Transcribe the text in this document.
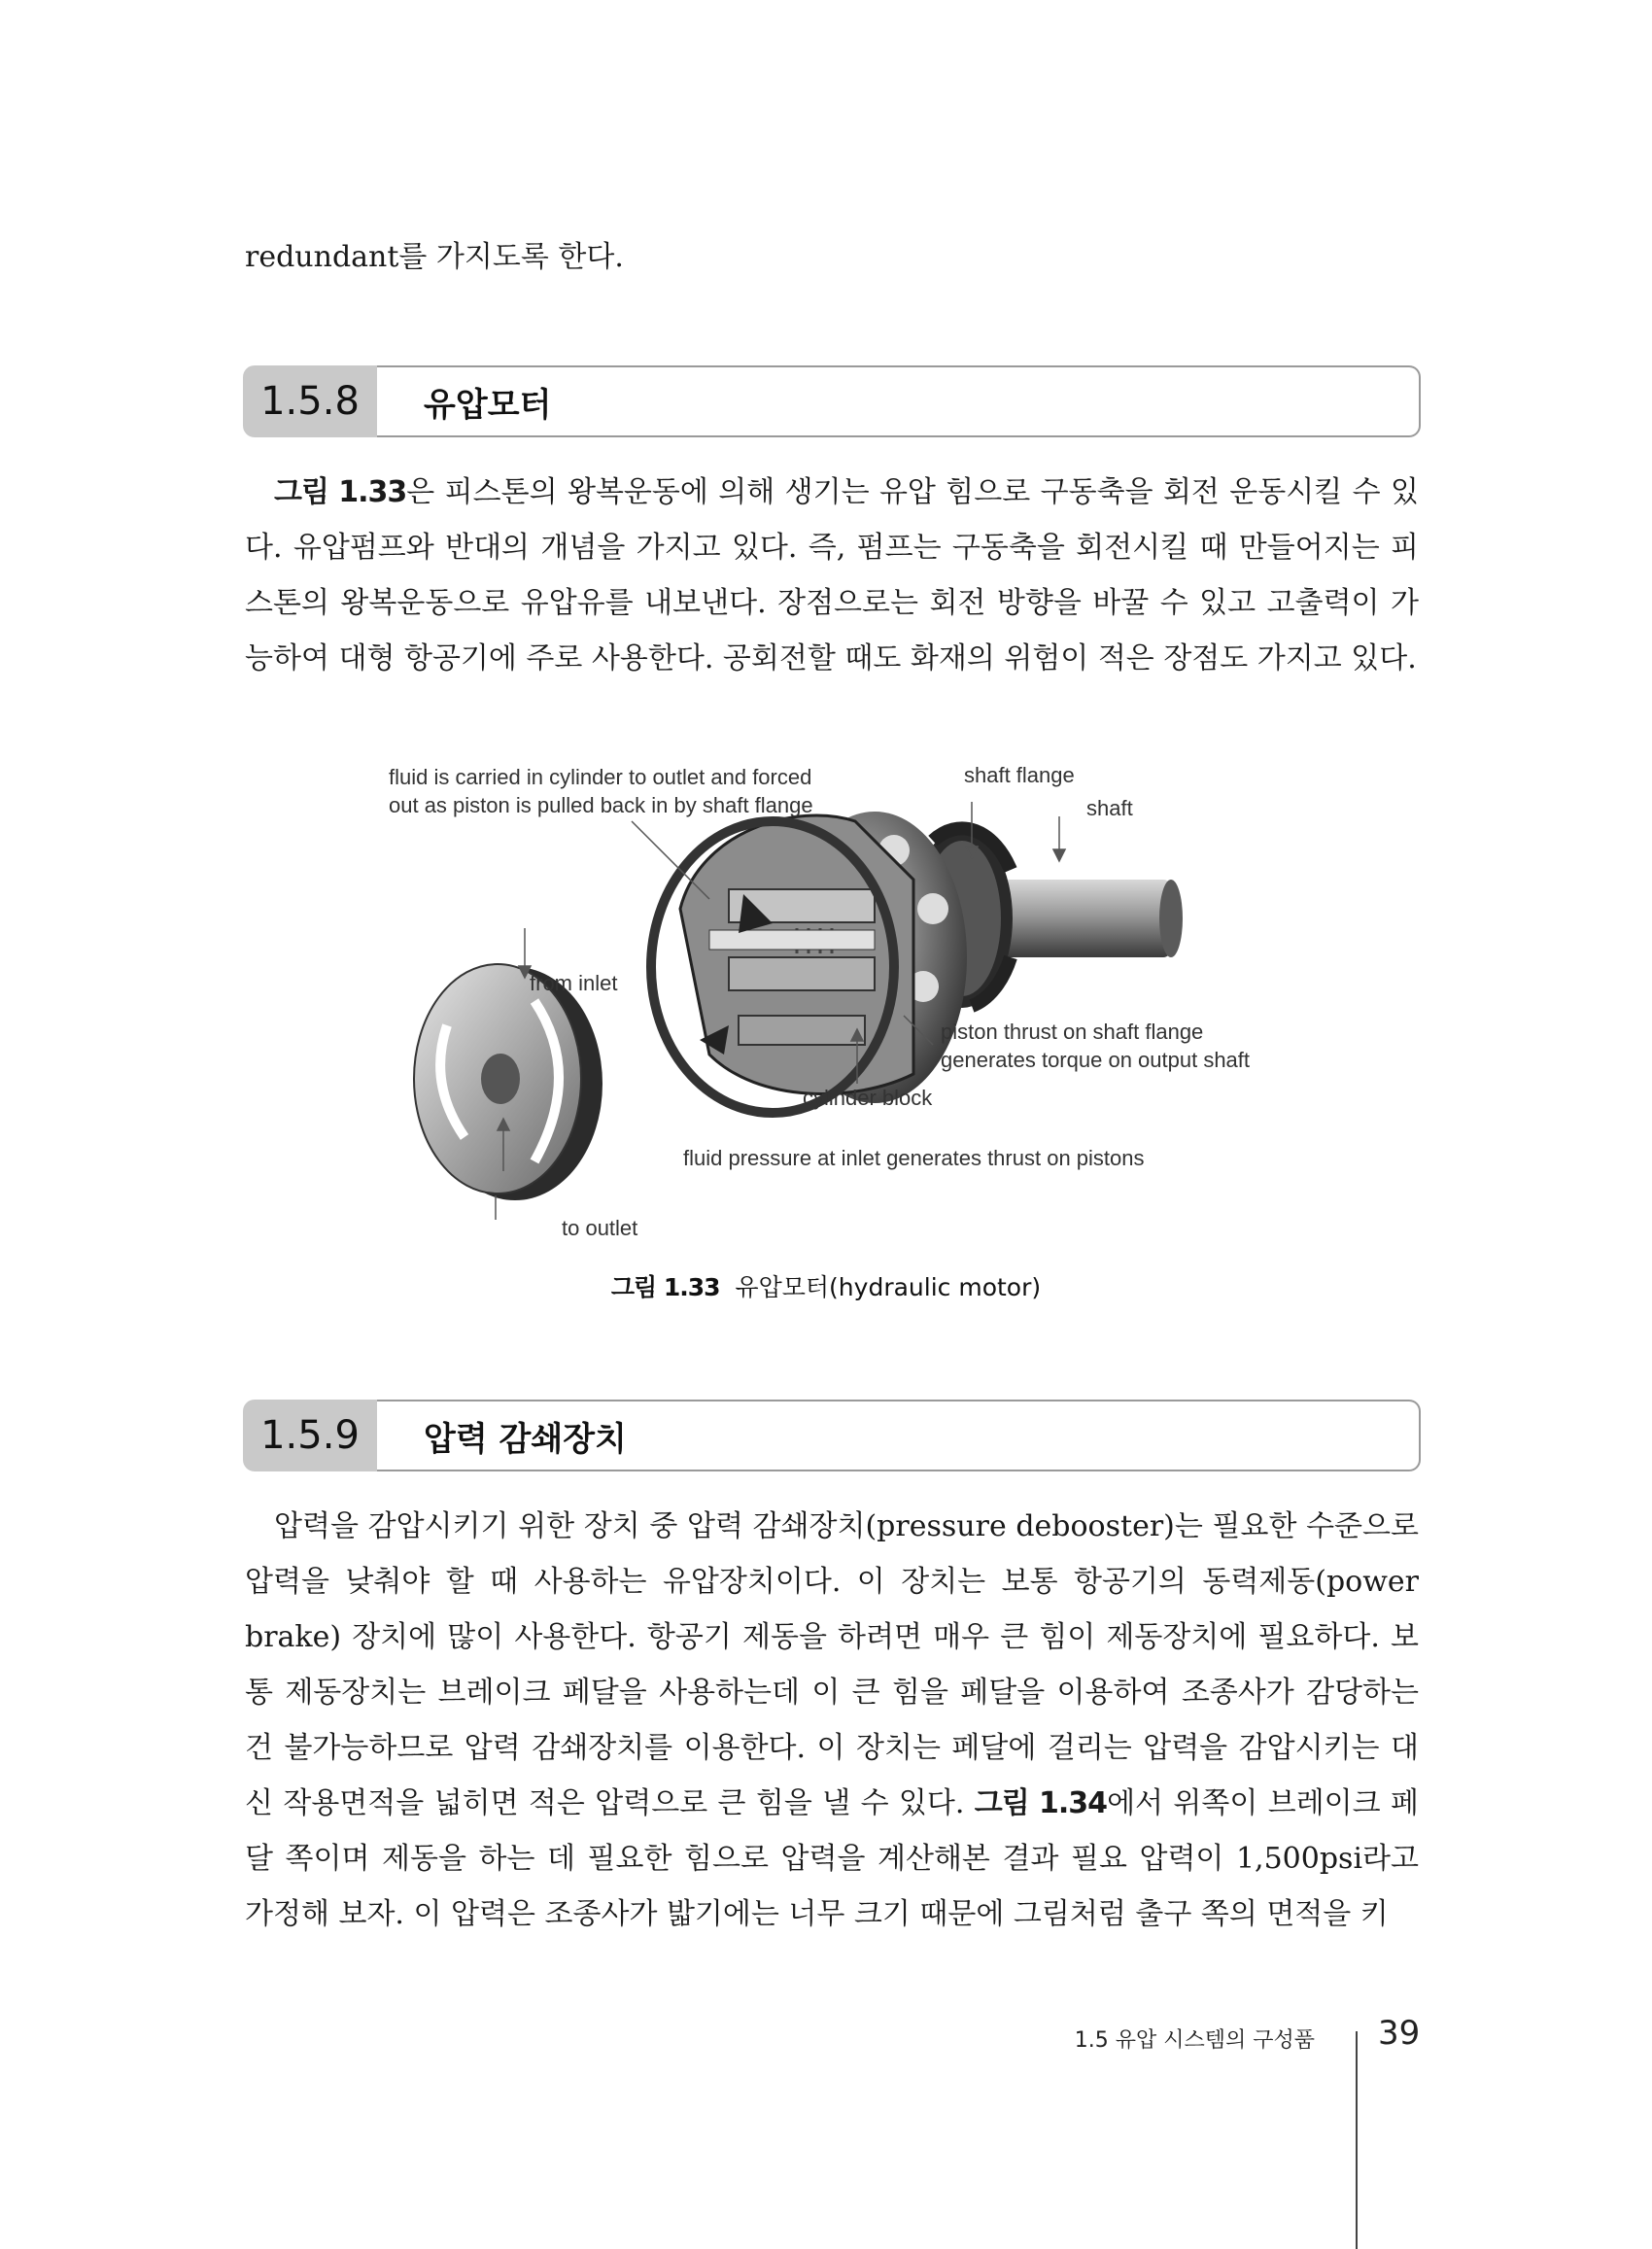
redundant를 가지도록 한다.

1.5.8	유압모터

그림 1.33은 피스톤의 왕복운동에 의해 생기는 유압 힘으로 구동축을 회전 운동시킬 수 있다. 유압펌프와 반대의 개념을 가지고 있다. 즉, 펌프는 구동축을 회전시킬 때 만들어지는 피스톤의 왕복운동으로 유압유를 내보낸다. 장점으로는 회전 방향을 바꿀 수 있고 고출력이 가능하여 대형 항공기에 주로 사용한다. 공회전할 때도 화재의 위험이 적은 장점도 가지고 있다.

fluid is carried in cylinder to outlet and forced
out as piston is pulled back in by shaft flange
shaft flange
shaft
from inlet
piston thrust on shaft flange
generates torque on output shaft
cylinder block
fluid pressure at inlet generates thrust on pistons
to outlet
그림 1.33 유압모터(hydraulic motor)
1.5.9	압력 감쇄장치

압력을 감압시키기 위한 장치 중 압력 감쇄장치(pressure debooster)는 필요한 수준으로 압력을 낮춰야 할 때 사용하는 유압장치이다. 이 장치는 보통 항공기의 동력제동(power brake) 장치에 많이 사용한다. 항공기 제동을 하려면 매우 큰 힘이 제동장치에 필요하다. 보통 제동장치는 브레이크 페달을 사용하는데 이 큰 힘을 페달을 이용하여 조종사가 감당하는 건 불가능하므로 압력 감쇄장치를 이용한다. 이 장치는 페달에 걸리는 압력을 감압시키는 대신 작용면적을 넓히면 적은 압력으로 큰 힘을 낼 수 있다. 그림 1.34에서 위쪽이 브레이크 페달 쪽이며 제동을 하는 데 필요한 힘으로 압력을 계산해본 결과 필요 압력이 1,500psi라고 가정해 보자. 이 압력은 조종사가 밟기에는 너무 크기 때문에 그림처럼 출구 쪽의 면적을 키

1.5 유압 시스템의 구성품 39
